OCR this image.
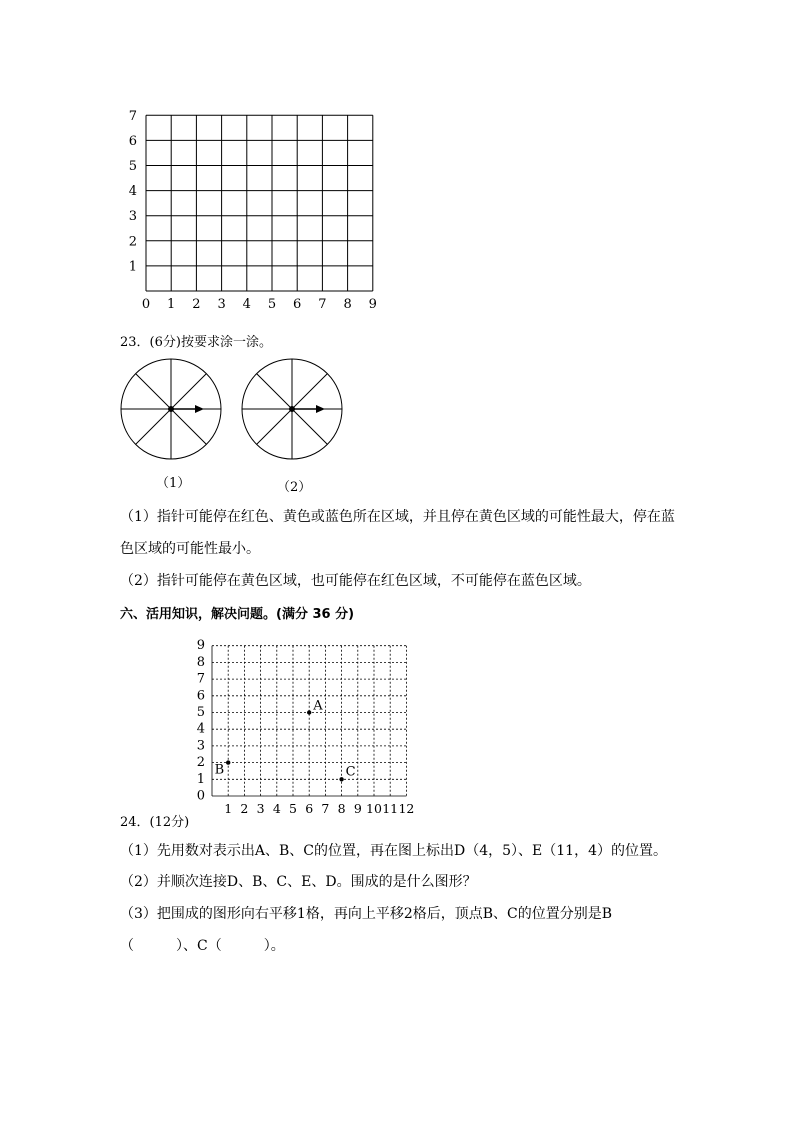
1
2
3
4
5
6
7
0 1 2 3 4 5 6 7 8 9
23．(6分)按要求涂一涂。
（1）	（2）
（1）指针可能停在红色、黄色或蓝色所在区域，并且停在黄色区域的可能性最大，停在蓝
色区域的可能性最小。
（2）指针可能停在黄色区域，也可能停在红色区域，不可能停在蓝色区域。
六、活用知识，解决问题。(满分 36 分)
0
1
2
3
4
5
6
7
8
9
1 2 3 4 5 6 7 8 9 10 11 12
A
B	C
24．(12分)
（1）先用数对表示出A、B、C的位置，再在图上标出D（4，5）、E（11，4）的位置。
（2）并顺次连接D、B、C、E、D。围成的是什么图形？
（3）把围成的图形向右平移1格，再向上平移2格后，顶点B、C的位置分别是B
（　　　）、C（　　　）。
